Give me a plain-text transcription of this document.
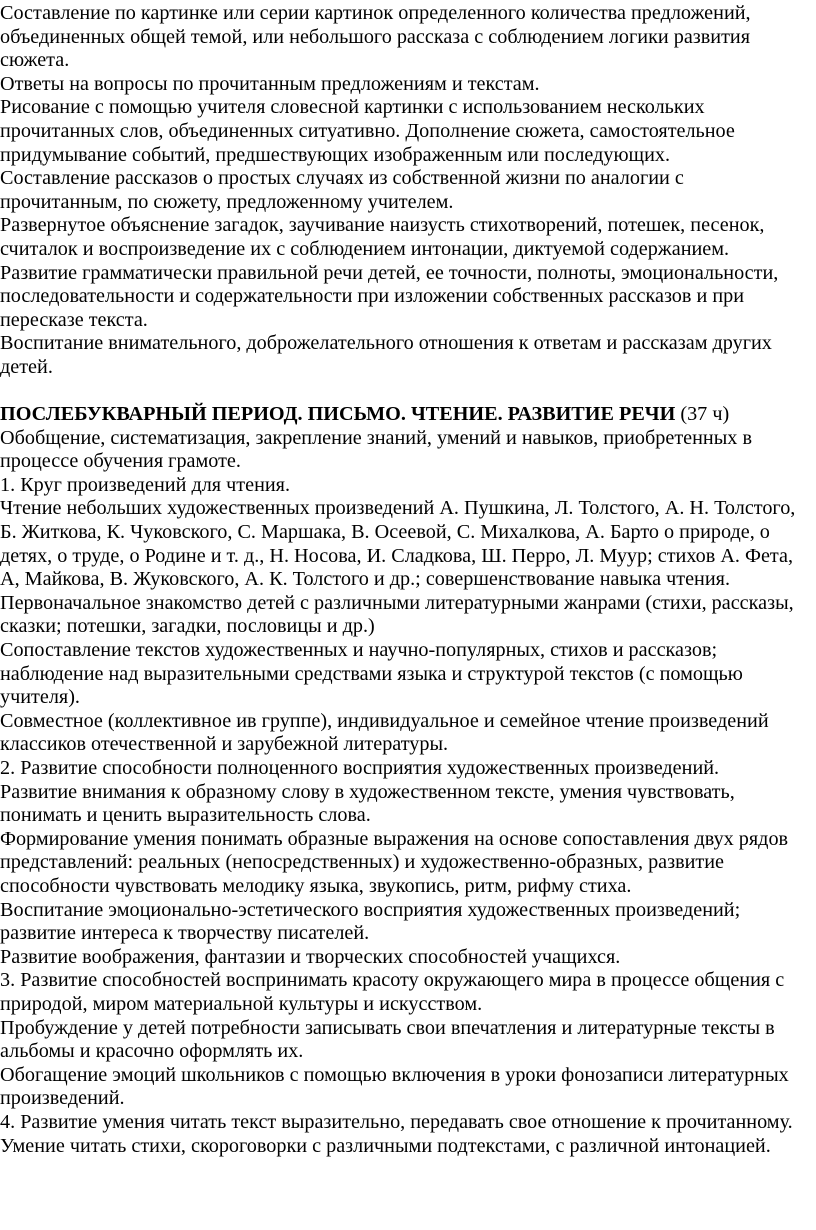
Составление по картинке или серии картинок определенного количества предложений, объединенных общей темой, или небольшого рассказа с соблюдением логики развития сюжета.

Ответы на вопросы по прочитанным предложениям и текстам.

Рисование с помощью учителя словесной картинки с использованием нескольких прочитанных слов, объединенных ситуативно. Дополнение сюжета, самостоятельное придумывание событий, предшествующих изображенным или последующих.

Составление рассказов о простых случаях из собственной жизни по аналогии с прочитанным, по сюжету, предложенному учителем.

Развернутое объяснение загадок, заучивание наизусть стихотворений, потешек, песенок, считалок и воспроизведение их с соблюдением интонации, диктуемой содержанием.

Развитие грамматически правильной речи детей, ее точности, полноты, эмоциональности, последовательности и содержательности при изложении собственных рассказов и при пересказе текста.

Воспитание внимательного, доброжелательного отношения к ответам и рассказам других детей.

ПОСЛЕБУКВАРНЫЙ ПЕРИОД. ПИСЬМО. ЧТЕНИЕ. РАЗВИТИЕ РЕЧИ (37 ч)

Обобщение, систематизация, закрепление знаний, умений и навыков, приобретенных в процессе обучения грамоте.

1. Круг произведений для чтения.

Чтение небольших художественных произведений А. Пушкина, Л. Толстого, А. Н. Толстого, Б. Житкова, К. Чуковского, С. Маршака, В. Осеевой, С. Михалкова, А. Барто о природе, о детях, о труде, о Родине и т. д., Н. Носова, И. Сладкова, Ш. Перро, Л. Муур; стихов А. Фета, А, Майкова, В. Жуковского, А. К. Толстого и др.; совершенствование навыка чтения.

Первоначальное знакомство детей с различными литературными жанрами (стихи, рассказы, сказки; потешки, загадки, пословицы и др.)

Сопоставление текстов художественных и научно-популярных, стихов и рассказов; наблюдение над выразительными средствами языка и структурой текстов (с помощью учителя).

Совместное (коллективное ив группе), индивидуальное и семейное чтение произведений классиков отечественной и зарубежной литературы.

2. Развитие способности полноценного восприятия художественных произведений.

Развитие внимания к образному слову в художественном тексте, умения чувствовать, понимать и ценить выразительность слова.

Формирование умения понимать образные выражения на основе сопоставления двух рядов представлений: реальных (непосредственных) и художественно-образных, развитие способности чувствовать мелодику языка, звукопись, ритм, рифму стиха.

Воспитание эмоционально-эстетического восприятия художественных произведений; развитие интереса к творчеству писателей.

Развитие воображения, фантазии и творческих способностей учащихся.

3. Развитие способностей воспринимать красоту окружающего мира в процессе общения с природой, миром материальной культуры и искусством.

Пробуждение у детей потребности записывать свои впечатления и литературные тексты в альбомы и красочно оформлять их.

Обогащение эмоций школьников с помощью включения в уроки фонозаписи литературных произведений.

4. Развитие умения читать текст выразительно, передавать свое отношение к прочитанному.

Умение читать стихи, скороговорки с различными подтекстами, с различной интонацией.
